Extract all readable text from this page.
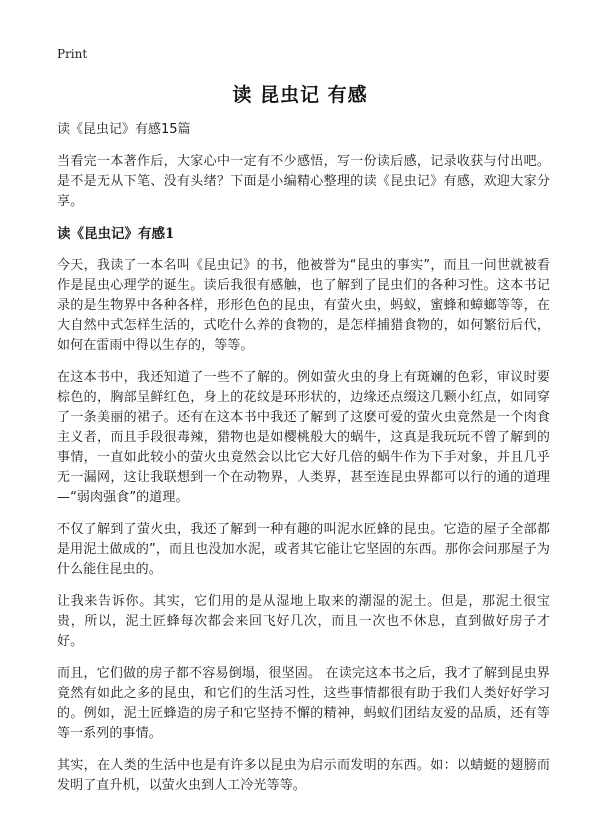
Print
读 昆虫记 有感

读《昆虫记》有感15篇

当看完一本著作后，大家心中一定有不少感悟，写一份读后感，记录收获与付出吧。是不是无从下笔、没有头绪？下面是小编精心整理的读《昆虫记》有感，欢迎大家分享。

读《昆虫记》有感1

今天，我读了一本名叫《昆虫记》的书，他被誉为“昆虫的事实”，而且一问世就被看作是昆虫心理学的诞生。读后我很有感触，也了解到了昆虫们的各种习性。这本书记录的是生物界中各种各样，形形色色的昆虫，有萤火虫，蚂蚁，蜜蜂和蟑螂等等，在大自然中式怎样生活的，式吃什么养的食物的，是怎样捕猎食物的，如何繁衍后代，如何在雷雨中得以生存的，等等。

在这本书中，我还知道了一些不了解的。例如萤火虫的身上有斑斓的色彩，审议时要棕色的，胸部呈鲜红色，身上的花纹是环形状的，边缘还点缀这几颗小红点，如同穿了一条美丽的裙子。还有在这本书中我还了解到了这麽可爱的萤火虫竟然是一个肉食主义者，而且手段很毒辣，猎物也是如樱桃般大的蜗牛，这真是我玩玩不曾了解到的事情，一直如此较小的萤火虫竟然会以比它大好几倍的蜗牛作为下手对象，并且几乎无一漏网，这让我联想到一个在动物界，人类界，甚至连昆虫界都可以行的通的道理—“弱肉强食”的道理。

不仅了解到了萤火虫，我还了解到一种有趣的叫泥水匠蜂的昆虫。它造的屋子全部都是用泥土做成的”，而且也没加水泥，或者其它能让它坚固的东西。那你会问那屋子为什么能住昆虫的。

让我来告诉你。其实，它们用的是从湿地上取来的潮湿的泥土。但是，那泥土很宝贵，所以，泥土匠蜂每次都会来回飞好几次，而且一次也不休息，直到做好房子才好。

而且，它们做的房子都不容易倒塌，很坚固。 在读完这本书之后，我才了解到昆虫界竟然有如此之多的昆虫，和它们的生活习性，这些事情都很有助于我们人类好好学习的。例如，泥土匠蜂造的房子和它坚持不懈的精神，蚂蚁们团结友爱的品质，还有等等一系列的事情。

其实，在人类的生活中也是有许多以昆虫为启示而发明的东西。如：以蜻蜓的翅膀而发明了直升机，以萤火虫到人工冷光等等。
